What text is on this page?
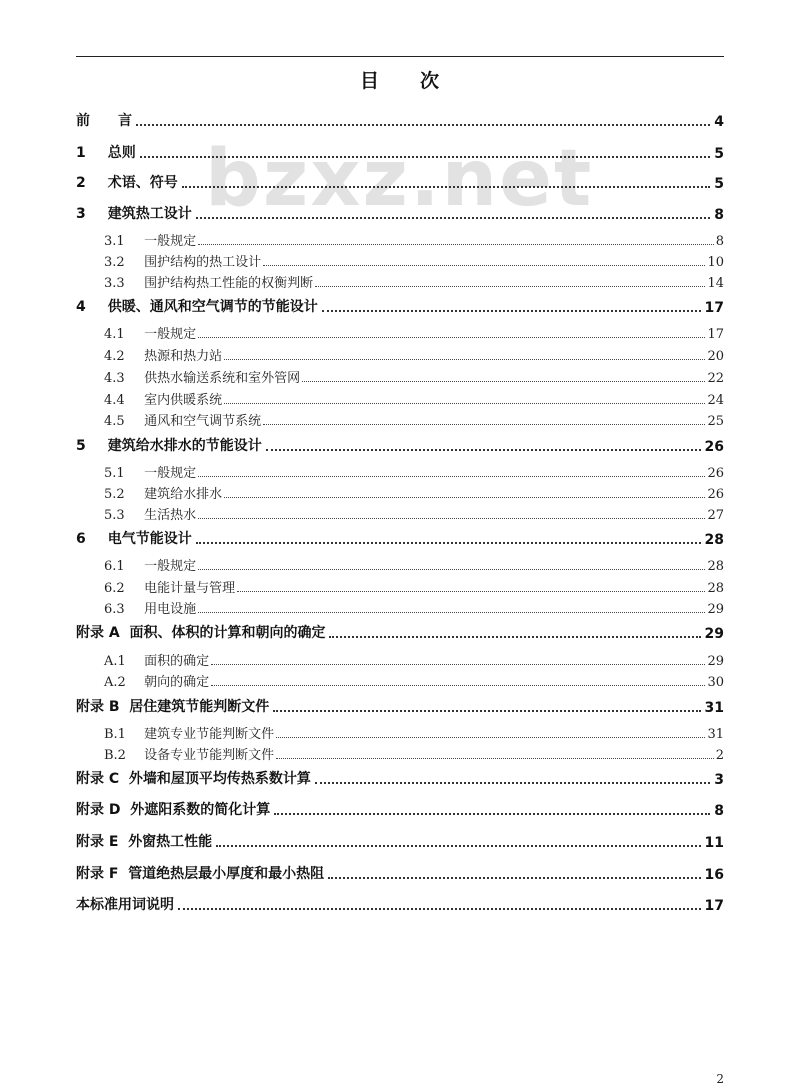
目 次
bzxz.net
前　　言	4
1 总则	5
2 术语、符号	5
3 建筑热工设计	8
3.1 一般规定	8
3.2 围护结构的热工设计	10
3.3 围护结构热工性能的权衡判断	14
4 供暖、通风和空气调节的节能设计	17
4.1 一般规定	17
4.2 热源和热力站	20
4.3 供热水输送系统和室外管网	22
4.4 室内供暖系统	24
4.5 通风和空气调节系统	25
5 建筑给水排水的节能设计	26
5.1 一般规定	26
5.2 建筑给水排水	26
5.3 生活热水	27
6 电气节能设计	28
6.1 一般规定	28
6.2 电能计量与管理	28
6.3 用电设施	29
附录 A 面积、体积的计算和朝向的确定	29
A.1 面积的确定	29
A.2 朝向的确定	30
附录 B 居住建筑节能判断文件	31
B.1 建筑专业节能判断文件	31
B.2 设备专业节能判断文件	2
附录 C 外墙和屋顶平均传热系数计算	3
附录 D 外遮阳系数的简化计算	8
附录 E 外窗热工性能	11
附录 F 管道绝热层最小厚度和最小热阻	16
本标准用词说明	17
2
